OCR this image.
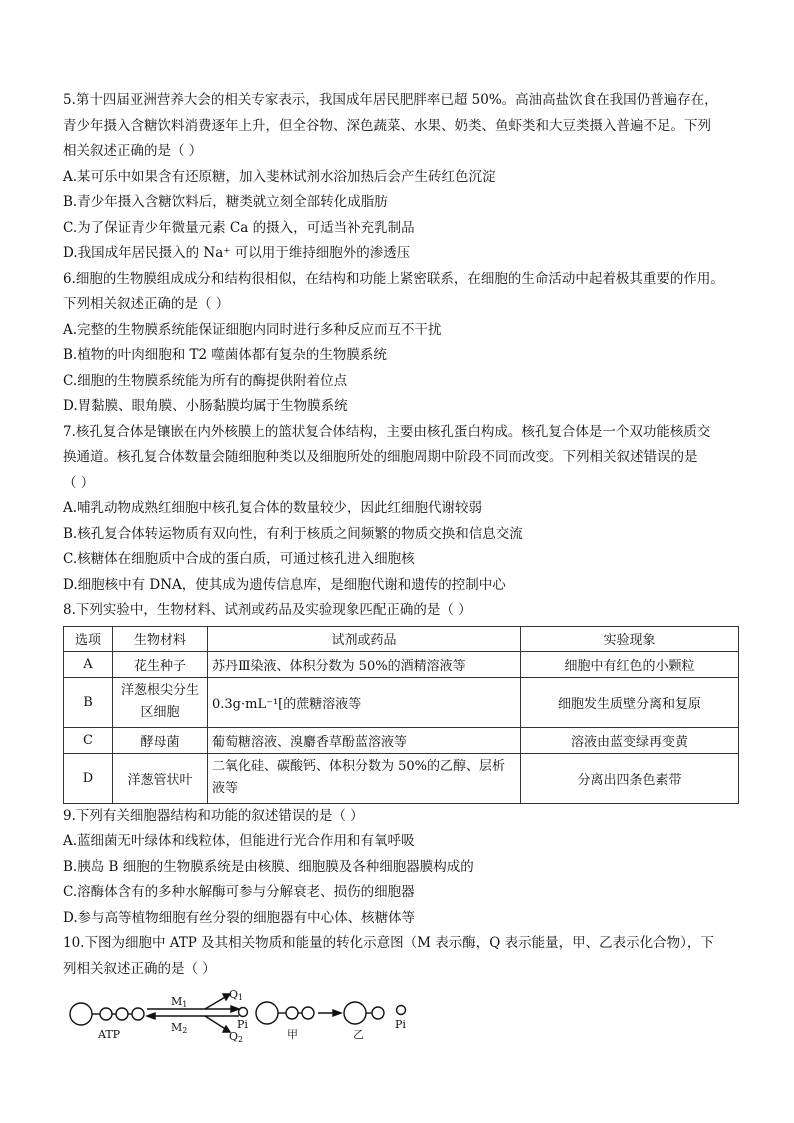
5.第十四届亚洲营养大会的相关专家表示，我国成年居民肥胖率已超 50%。高油高盐饮食在我国仍普遍存在，

青少年摄入含糖饮料消费逐年上升，但全谷物、深色蔬菜、水果、奶类、鱼虾类和大豆类摄入普遍不足。下列

相关叙述正确的是（ ）

A.某可乐中如果含有还原糖，加入斐林试剂水浴加热后会产生砖红色沉淀

B.青少年摄入含糖饮料后，糖类就立刻全部转化成脂肪

C.为了保证青少年微量元素 Ca 的摄入，可适当补充乳制品

D.我国成年居民摄入的 Na⁺ 可以用于维持细胞外的渗透压

6.细胞的生物膜组成成分和结构很相似，在结构和功能上紧密联系，在细胞的生命活动中起着极其重要的作用。

下列相关叙述正确的是（ ）

A.完整的生物膜系统能保证细胞内同时进行多种反应而互不干扰

B.植物的叶肉细胞和 T2 噬菌体都有复杂的生物膜系统

C.细胞的生物膜系统能为所有的酶提供附着位点

D.胃黏膜、眼角膜、小肠黏膜均属于生物膜系统

7.核孔复合体是镶嵌在内外核膜上的篮状复合体结构，主要由核孔蛋白构成。核孔复合体是一个双功能核质交

换通道。核孔复合体数量会随细胞种类以及细胞所处的细胞周期中阶段不同而改变。下列相关叙述错误的是

（ ）

A.哺乳动物成熟红细胞中核孔复合体的数量较少，因此红细胞代谢较弱

B.核孔复合体转运物质有双向性，有利于核质之间频繁的物质交换和信息交流

C.核糖体在细胞质中合成的蛋白质，可通过核孔进入细胞核

D.细胞核中有 DNA，使其成为遗传信息库，是细胞代谢和遗传的控制中心

8.下列实验中，生物材料、试剂或药品及实验现象匹配正确的是（ ）

选项	生物材料	试剂或药品	实验现象
A	花生种子	苏丹Ⅲ染液、体积分数为 50%的酒精溶液等	细胞中有红色的小颗粒
B	洋葱根尖分生区细胞	0.3g·mL⁻¹[的蔗糖溶液等	细胞发生质壁分离和复原
C	酵母菌	葡萄糖溶液、溴麝香草酚蓝溶液等	溶液由蓝变绿再变黄
D	洋葱管状叶	二氧化硅、碳酸钙、体积分数为 50%的乙醇、层析液等	分离出四条色素带

9.下列有关细胞器结构和功能的叙述错误的是（ ）

A.蓝细菌无叶绿体和线粒体，但能进行光合作用和有氧呼吸

B.胰岛 B 细胞的生物膜系统是由核膜、细胞膜及各种细胞器膜构成的

C.溶酶体含有的多种水解酶可参与分解衰老、损伤的细胞器

D.参与高等植物细胞有丝分裂的细胞器有中心体、核糖体等

10.下图为细胞中 ATP 及其相关物质和能量的转化示意图（M 表示酶，Q 表示能量，甲、乙表示化合物），下

列相关叙述正确的是（ ）

ATP
M1
M2
Q1
Q2
Pi
甲	乙
Pi
